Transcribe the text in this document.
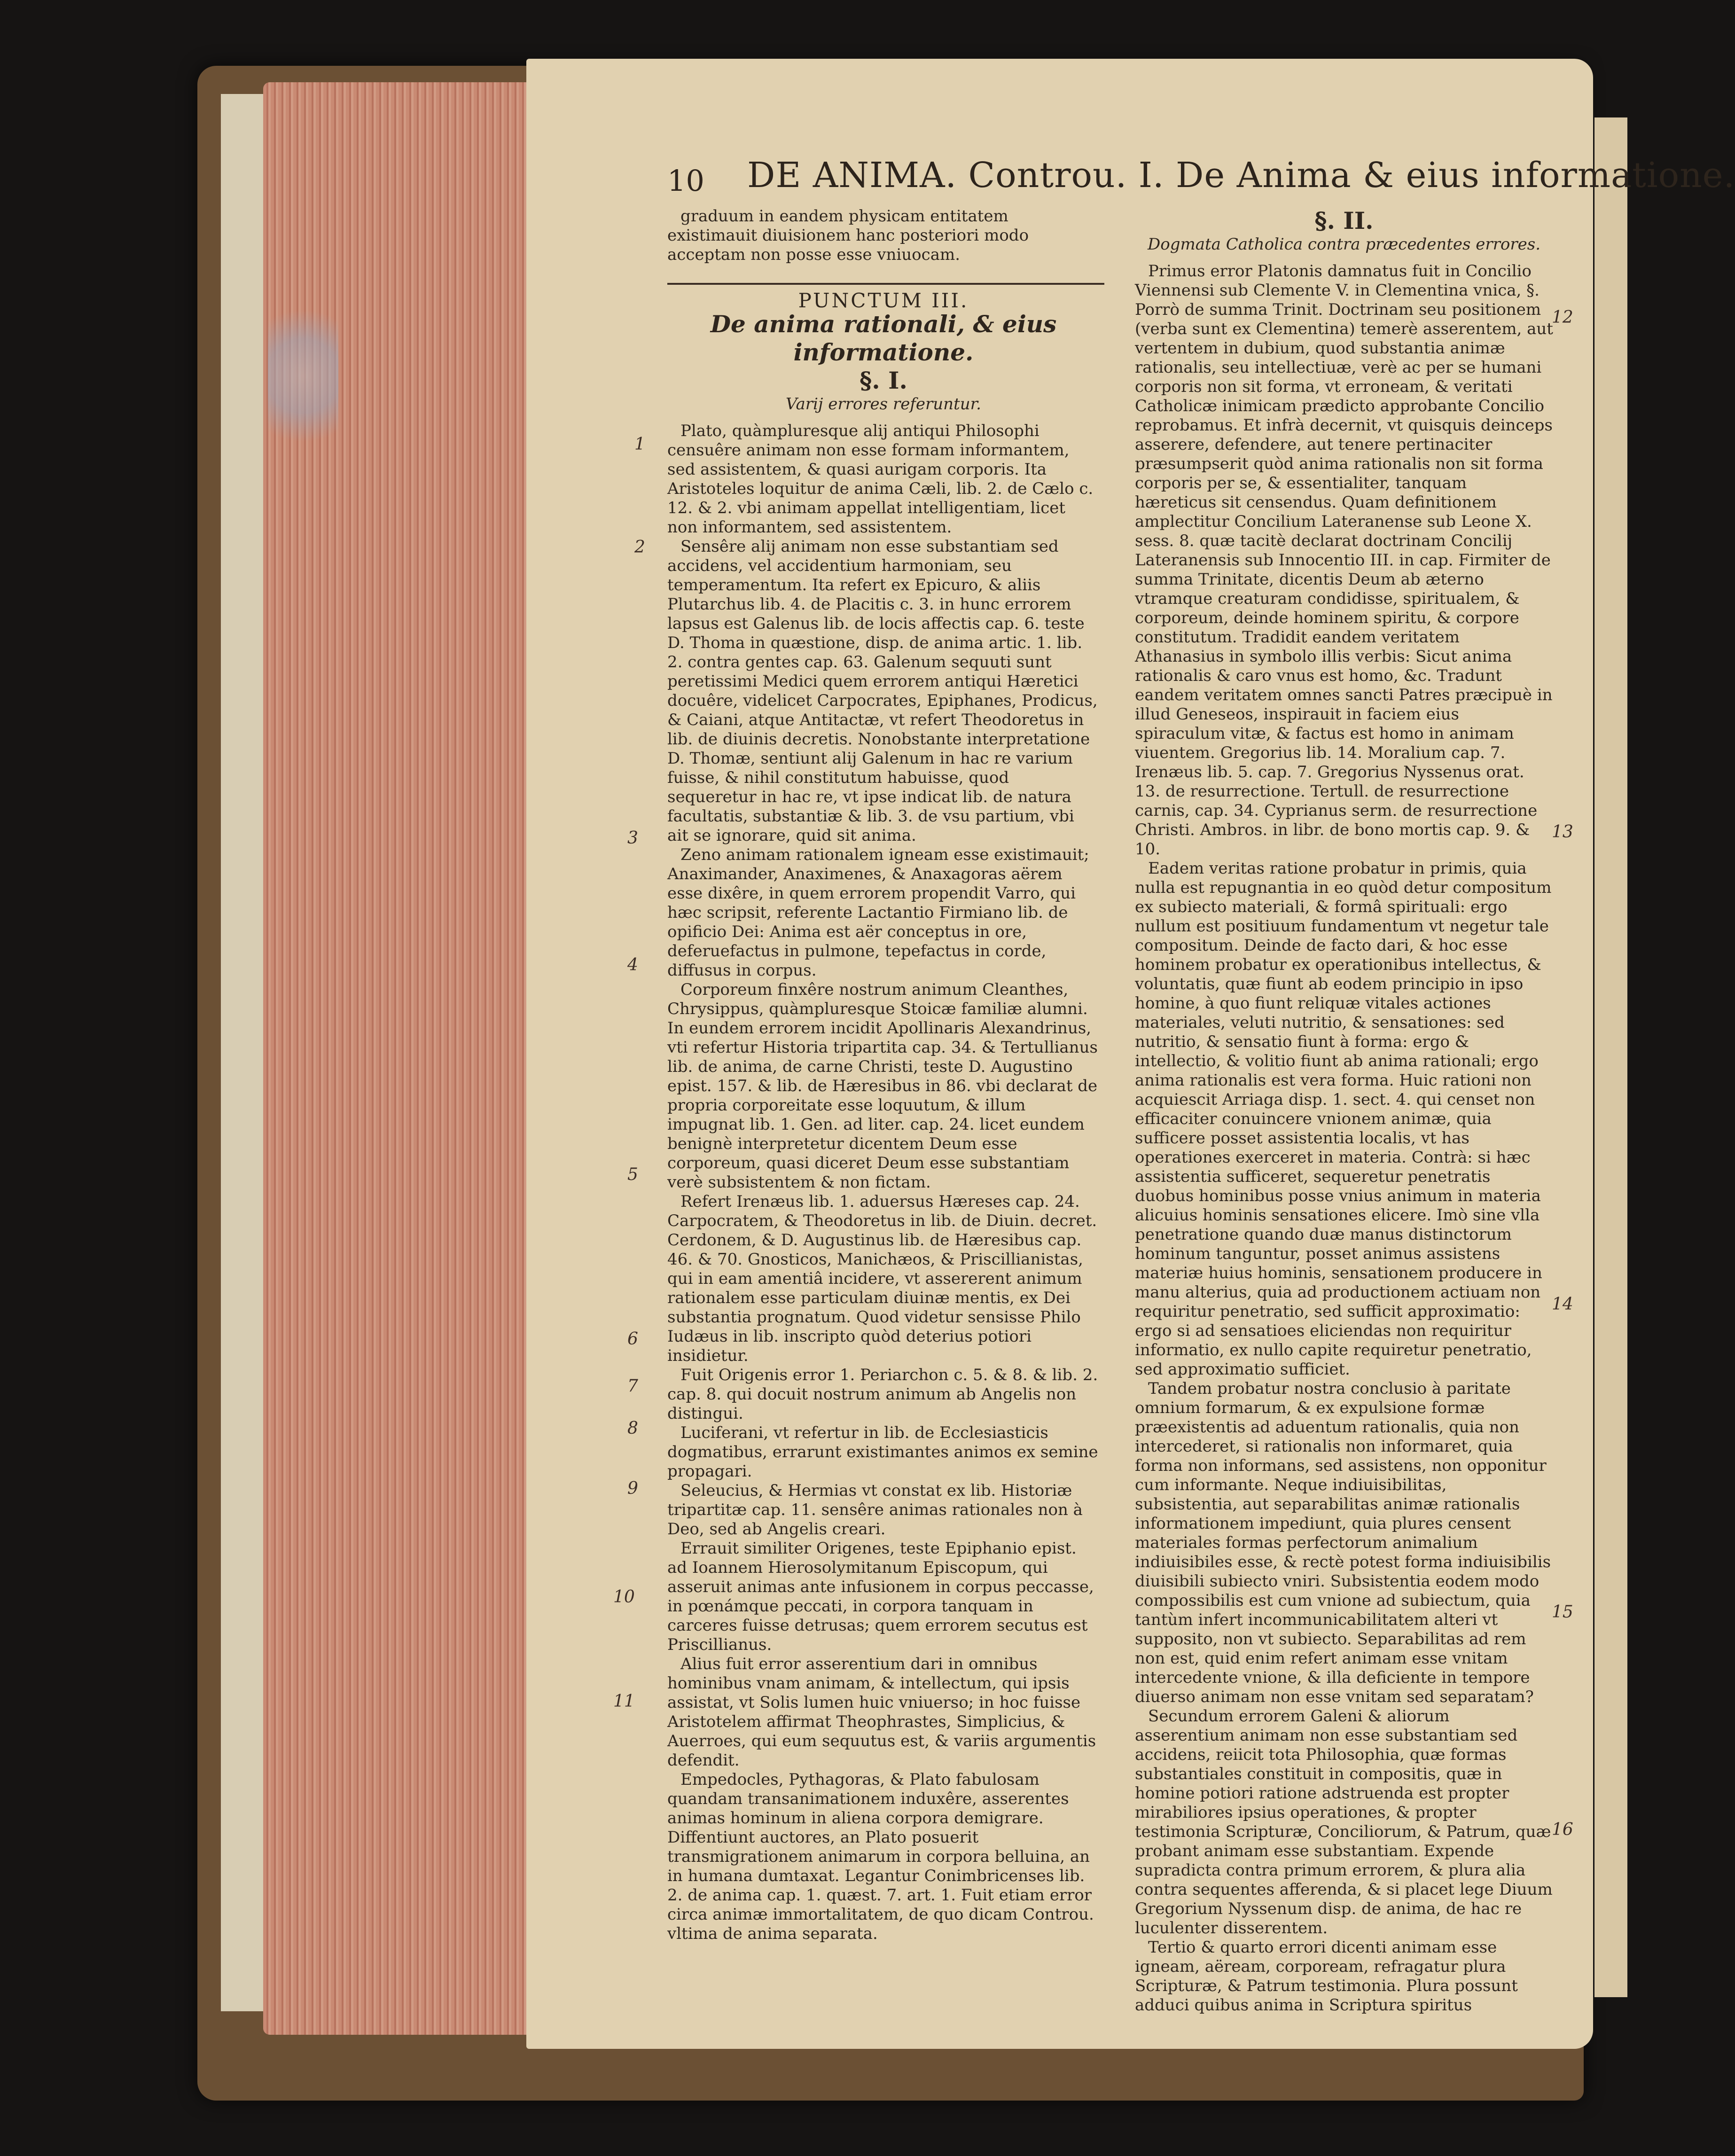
10 DE ANIMA. Controu. I. De Anima & eius informatione.

graduum in eandem physicam entitatem existimauit diuisionem hanc posteriori modo acceptam non posse esse vniuocam.

PUNCTUM III.
De anima rationali, & eius informatione.
§. I.
Varij errores referuntur.

Plato, quàmpluresque alij antiqui Philosophi censuêre animam non esse formam informantem, sed assistentem, & quasi aurigam corporis. Ita Aristoteles loquitur de anima Cæli, lib. 2. de Cælo c. 12. & 2. vbi animam appellat intelligentiam, licet non informantem, sed assistentem.

Sensêre alij animam non esse substantiam sed accidens, vel accidentium harmoniam, seu temperamentum. Ita refert ex Epicuro, & aliis Plutarchus lib. 4. de Placitis c. 3. in hunc errorem lapsus est Galenus lib. de locis affectis cap. 6. teste D. Thoma in quæstione, disp. de anima artic. 1. lib. 2. contra gentes cap. 63. Galenum sequuti sunt peretissimi Medici quem errorem antiqui Hæretici docuêre, videlicet Carpocrates, Epiphanes, Prodicus, & Caiani, atque Antitactæ, vt refert Theodoretus in lib. de diuinis decretis. Nonobstante interpretatione D. Thomæ, sentiunt alij Galenum in hac re varium fuisse, & nihil constitutum habuisse, quod sequeretur in hac re, vt ipse indicat lib. de natura facultatis, substantiæ & lib. 3. de vsu partium, vbi ait se ignorare, quid sit anima.

Zeno animam rationalem igneam esse existimauit; Anaximander, Anaximenes, & Anaxagoras aërem esse dixêre, in quem errorem propendit Varro, qui hæc scripsit, referente Lactantio Firmiano lib. de opificio Dei: Anima est aër conceptus in ore, deferuefactus in pulmone, tepefactus in corde, diffusus in corpus.

Corporeum finxêre nostrum animum Cleanthes, Chrysippus, quàmpluresque Stoicæ familiæ alumni. In eundem errorem incidit Apollinaris Alexandrinus, vti refertur Historia tripartita cap. 34. & Tertullianus lib. de anima, de carne Christi, teste D. Augustino epist. 157. & lib. de Hæresibus in 86. vbi declarat de propria corporeitate esse loquutum, & illum impugnat lib. 1. Gen. ad liter. cap. 24. licet eundem benignè interpretetur dicentem Deum esse corporeum, quasi diceret Deum esse substantiam verè subsistentem & non fictam.

Refert Irenæus lib. 1. aduersus Hæreses cap. 24. Carpocratem, & Theodoretus in lib. de Diuin. decret. Cerdonem, & D. Augustinus lib. de Hæresibus cap. 46. & 70. Gnosticos, Manichæos, & Priscillianistas, qui in eam amentiâ incidere, vt assererent animum rationalem esse particulam diuinæ mentis, ex Dei substantia prognatum. Quod videtur sensisse Philo Iudæus in lib. inscripto quòd deterius potiori insidietur.

Fuit Origenis error 1. Periarchon c. 5. & 8. & lib. 2. cap. 8. qui docuit nostrum animum ab Angelis non distingui.

Luciferani, vt refertur in lib. de Ecclesiasticis dogmatibus, errarunt existimantes animos ex semine propagari.

Seleucius, & Hermias vt constat ex lib. Historiæ tripartitæ cap. 11. sensêre animas rationales non à Deo, sed ab Angelis creari.

Errauit similiter Origenes, teste Epiphanio epist. ad Ioannem Hierosolymitanum Episcopum, qui asseruit animas ante infusionem in corpus peccasse, in pœnámque peccati, in corpora tanquam in carceres fuisse detrusas; quem errorem secutus est Priscillianus.

Alius fuit error asserentium dari in omnibus hominibus vnam animam, & intellectum, qui ipsis assistat, vt Solis lumen huic vniuerso; in hoc fuisse Aristotelem affirmat Theophrastes, Simplicius, & Auerroes, qui eum sequutus est, & variis argumentis defendit.

Empedocles, Pythagoras, & Plato fabulosam quandam transanimationem induxêre, asserentes animas hominum in aliena corpora demigrare. Diffentiunt auctores, an Plato posuerit transmigrationem animarum in corpora belluina, an in humana dumtaxat. Legantur Conimbricenses lib. 2. de anima cap. 1. quæst. 7. art. 1. Fuit etiam error circa animæ immortalitatem, de quo dicam Controu. vltima de anima separata.

§. II.
Dogmata Catholica contra præcedentes errores.

Primus error Platonis damnatus fuit in Concilio Viennensi sub Clemente V. in Clementina vnica, §. Porrò de summa Trinit. Doctrinam seu positionem (verba sunt ex Clementina) temerè asserentem, aut vertentem in dubium, quod substantia animæ rationalis, seu intellectiuæ, verè ac per se humani corporis non sit forma, vt erroneam, & veritati Catholicæ inimicam prædicto approbante Concilio reprobamus. Et infrà decernit, vt quisquis deinceps asserere, defendere, aut tenere pertinaciter præsumpserit quòd anima rationalis non sit forma corporis per se, & essentialiter, tanquam hæreticus sit censendus. Quam definitionem amplectitur Concilium Lateranense sub Leone X. sess. 8. quæ tacitè declarat doctrinam Concilij Lateranensis sub Innocentio III. in cap. Firmiter de summa Trinitate, dicentis Deum ab æterno vtramque creaturam condidisse, spiritualem, & corporeum, deinde hominem spiritu, & corpore constitutum. Tradidit eandem veritatem Athanasius in symbolo illis verbis: Sicut anima rationalis & caro vnus est homo, &c. Tradunt eandem veritatem omnes sancti Patres præcipuè in illud Geneseos, inspirauit in faciem eius spiraculum vitæ, & factus est homo in animam viuentem. Gregorius lib. 14. Moralium cap. 7. Irenæus lib. 5. cap. 7. Gregorius Nyssenus orat. 13. de resurrectione. Tertull. de resurrectione carnis, cap. 34. Cyprianus serm. de resurrectione Christi. Ambros. in libr. de bono mortis cap. 9. & 10.

Eadem veritas ratione probatur in primis, quia nulla est repugnantia in eo quòd detur compositum ex subiecto materiali, & formâ spirituali: ergo nullum est positiuum fundamentum vt negetur tale compositum. Deinde de facto dari, & hoc esse hominem probatur ex operationibus intellectus, & voluntatis, quæ fiunt ab eodem principio in ipso homine, à quo fiunt reliquæ vitales actiones materiales, veluti nutritio, & sensationes: sed nutritio, & sensatio fiunt à forma: ergo & intellectio, & volitio fiunt ab anima rationali; ergo anima rationalis est vera forma. Huic rationi non acquiescit Arriaga disp. 1. sect. 4. qui censet non efficaciter conuincere vnionem animæ, quia sufficere posset assistentia localis, vt has operationes exerceret in materia. Contrà: si hæc assistentia sufficeret, sequeretur penetratis duobus hominibus posse vnius animum in materia alicuius hominis sensationes elicere. Imò sine vlla penetratione quando duæ manus distinctorum hominum tanguntur, posset animus assistens materiæ huius hominis, sensationem producere in manu alterius, quia ad productionem actiuam non requiritur penetratio, sed sufficit approximatio: ergo si ad sensatioes eliciendas non requiritur informatio, ex nullo capite requiretur penetratio, sed approximatio sufficiet.

Tandem probatur nostra conclusio à paritate omnium formarum, & ex expulsione formæ præexistentis ad aduentum rationalis, quia non intercederet, si rationalis non informaret, quia forma non informans, sed assistens, non opponitur cum informante. Neque indiuisibilitas, subsistentia, aut separabilitas animæ rationalis informationem impediunt, quia plures censent materiales formas perfectorum animalium indiuisibiles esse, & rectè potest forma indiuisibilis diuisibili subiecto vniri. Subsistentia eodem modo compossibilis est cum vnione ad subiectum, quia tantùm infert incommunicabilitatem alteri vt supposito, non vt subiecto. Separabilitas ad rem non est, quid enim refert animam esse vnitam intercedente vnione, & illa deficiente in tempore diuerso animam non esse vnitam sed separatam?

Secundum errorem Galeni & aliorum asserentium animam non esse substantiam sed accidens, reiicit tota Philosophia, quæ formas substantiales constituit in compositis, quæ in homine potiori ratione adstruenda est propter mirabiliores ipsius operationes, & propter testimonia Scripturæ, Conciliorum, & Patrum, quæ probant animam esse substantiam. Expende supradicta contra primum errorem, & plura alia contra sequentes afferenda, & si placet lege Diuum Gregorium Nyssenum disp. de anima, de hac re luculenter disserentem.

Tertio & quarto errori dicenti animam esse igneam, aëream, corpoream, refragatur plura Scripturæ, & Patrum testimonia. Plura possunt adduci quibus anima in Scriptura spiritus

1
2
3
4
5
6
7
8
9
10
11
12
13
14
15
16
